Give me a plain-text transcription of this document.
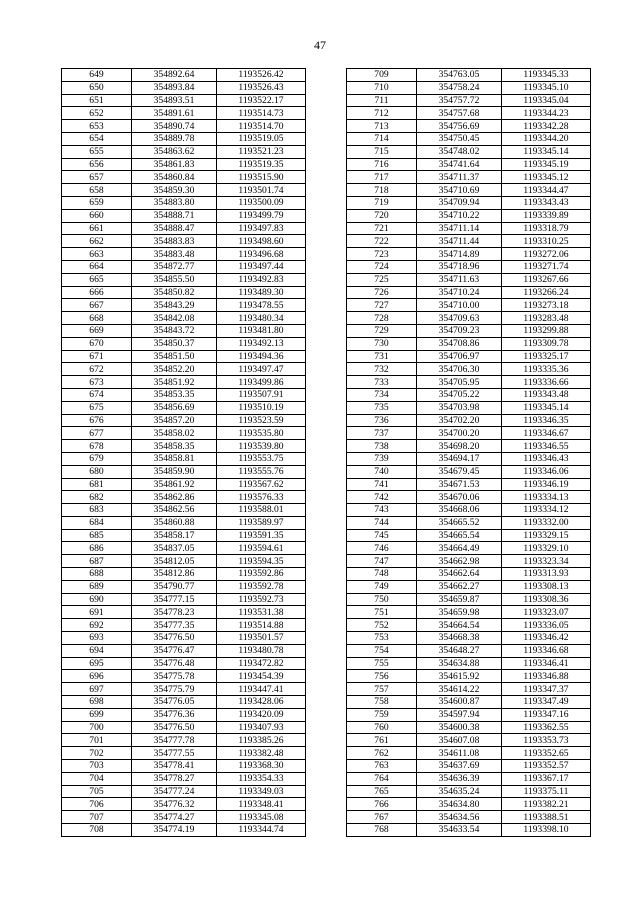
47
649	354892.64	1193526.42
650	354893.84	1193526.43
651	354893.51	1193522.17
652	354891.61	1193514.73
653	354890.74	1193514.70
654	354889.78	1193519.05
655	354863.62	1193521.23
656	354861.83	1193519.35
657	354860.84	1193515.90
658	354859.30	1193501.74
659	354883.80	1193500.09
660	354888.71	1193499.79
661	354888.47	1193497.83
662	354883.83	1193498.60
663	354883.48	1193496.68
664	354872.77	1193497.44
665	354855.50	1193492.83
666	354850.82	1193489.30
667	354843.29	1193478.55
668	354842.08	1193480.34
669	354843.72	1193481.80
670	354850.37	1193492.13
671	354851.50	1193494.36
672	354852.20	1193497.47
673	354851.92	1193499.86
674	354853.35	1193507.91
675	354856.69	1193510.19
676	354857.20	1193523.59
677	354858.02	1193535.80
678	354858.35	1193539.80
679	354858.81	1193553.75
680	354859.90	1193555.76
681	354861.92	1193567.62
682	354862.86	1193576.33
683	354862.56	1193588.01
684	354860.88	1193589.97
685	354858.17	1193591.35
686	354837.05	1193594.61
687	354812.05	1193594.35
688	354812.86	1193592.86
689	354790.77	1193592.78
690	354777.15	1193592.73
691	354778.23	1193531.38
692	354777.35	1193514.88
693	354776.50	1193501.57
694	354776.47	1193480.78
695	354776.48	1193472.82
696	354775.78	1193454.39
697	354775.79	1193447.41
698	354776.05	1193428.06
699	354776.36	1193420.09
700	354776.50	1193407.93
701	354777.78	1193385.26
702	354777.55	1193382.48
703	354778.41	1193368.30
704	354778.27	1193354.33
705	354777.24	1193349.03
706	354776.32	1193348.41
707	354774.27	1193345.08
708	354774.19	1193344.74
709	354763.05	1193345.33
710	354758.24	1193345.10
711	354757.72	1193345.04
712	354757.68	1193344.23
713	354756.69	1193342.28
714	354750.45	1193344.20
715	354748.02	1193345.14
716	354741.64	1193345.19
717	354711.37	1193345.12
718	354710.69	1193344.47
719	354709.94	1193343.43
720	354710.22	1193339.89
721	354711.14	1193318.79
722	354711.44	1193310.25
723	354714.89	1193272.06
724	354718.96	1193271.74
725	354711.63	1193267.66
726	354710.24	1193266.24
727	354710.00	1193273.18
728	354709.63	1193283.48
729	354709.23	1193299.88
730	354708.86	1193309.78
731	354706.97	1193325.17
732	354706.30	1193335.36
733	354705.95	1193336.66
734	354705.22	1193343.48
735	354703.98	1193345.14
736	354702.20	1193346.35
737	354700.20	1193346.67
738	354698.20	1193346.55
739	354694.17	1193346.43
740	354679.45	1193346.06
741	354671.53	1193346.19
742	354670.06	1193334.13
743	354668.06	1193334.12
744	354665.52	1193332.00
745	354665.54	1193329.15
746	354664.49	1193329.10
747	354662.98	1193323.34
748	354662.64	1193313.93
749	354662.27	1193308.13
750	354659.87	1193308.36
751	354659.98	1193323.07
752	354664.54	1193336.05
753	354668.38	1193346.42
754	354648.27	1193346.68
755	354634.88	1193346.41
756	354615.92	1193346.88
757	354614.22	1193347.37
758	354600.87	1193347.49
759	354597.94	1193347.16
760	354600.38	1193362.55
761	354607.08	1193353.73
762	354611.08	1193352.65
763	354637.69	1193352.57
764	354636.39	1193367.17
765	354635.24	1193375.11
766	354634.80	1193382.21
767	354634.56	1193388.51
768	354633.54	1193398.10
